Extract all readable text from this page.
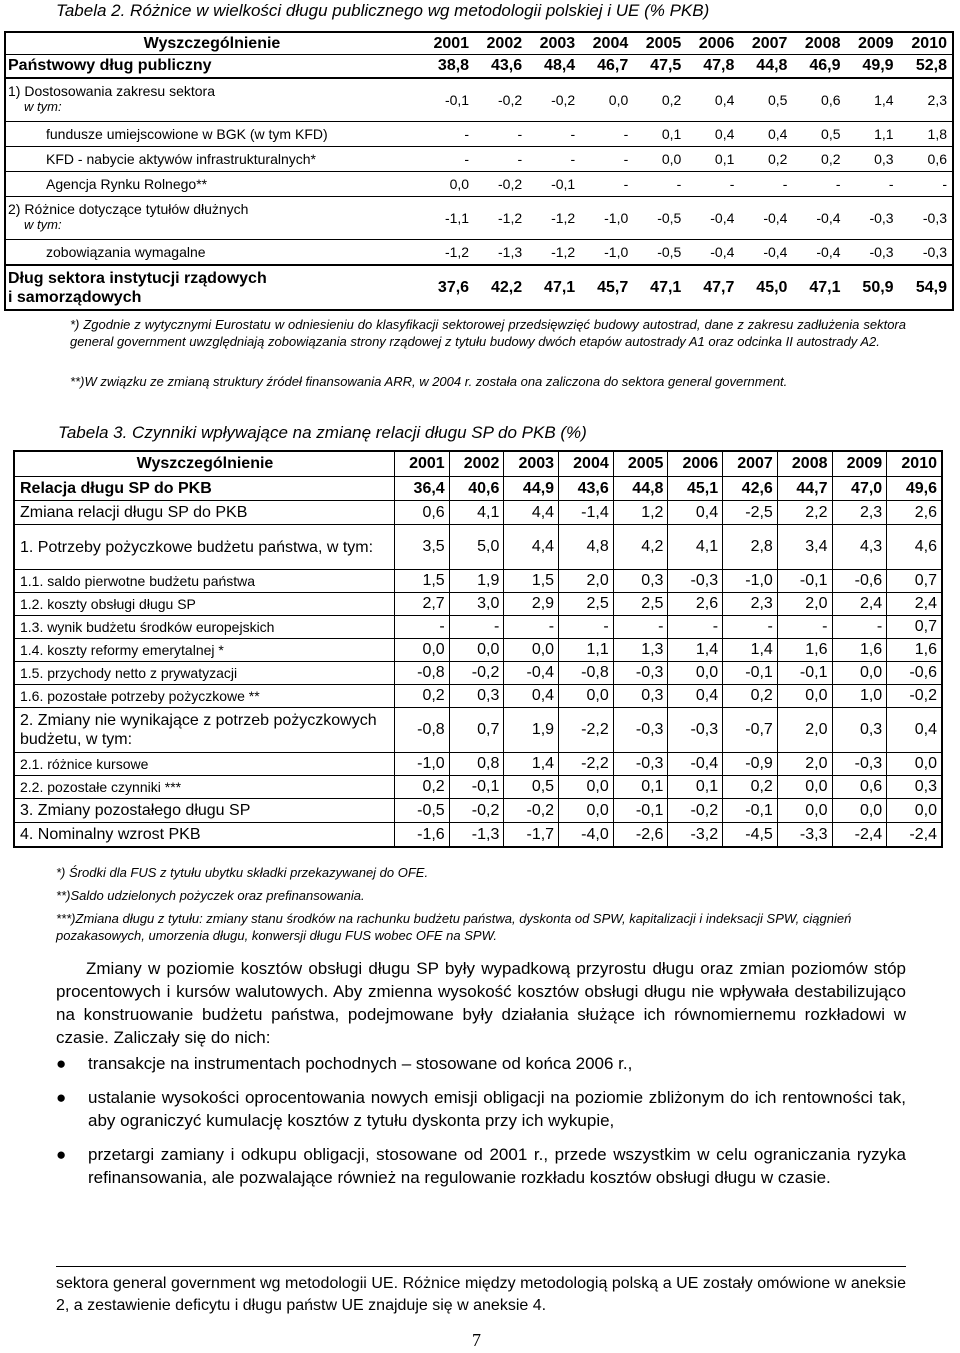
Tabela 2. Różnice w wielkości długu publicznego wg metodologii polskiej i UE (% PKB)
Wyszczególnienie	2001	2002	2003	2004	2005	2006	2007	2008	2009	2010

Państwowy dług publiczny	38,8	43,6	48,4	46,7	47,5	47,8	44,8	46,9	49,9	52,8

1) Dostosowania zakresu sektora
w tym:	-0,1	-0,2	-0,2	0,0	0,2	0,4	0,5	0,6	1,4	2,3

fundusze umiejscowione w BGK (w tym KFD)	-	-	-	-	0,1	0,4	0,4	0,5	1,1	1,8

KFD - nabycie aktywów infrastrukturalnych*	-	-	-	-	0,0	0,1	0,2	0,2	0,3	0,6

Agencja Rynku Rolnego**	0,0	-0,2	-0,1	-	-	-	-	-	-	-

2) Różnice dotyczące tytułów dłużnych
w tym:	-1,1	-1,2	-1,2	-1,0	-0,5	-0,4	-0,4	-0,4	-0,3	-0,3

zobowiązania wymagalne	-1,2	-1,3	-1,2	-1,0	-0,5	-0,4	-0,4	-0,4	-0,3	-0,3

Dług sektora instytucji rządowych
i samorządowych	37,6	42,2	47,1	45,7	47,1	47,7	45,0	47,1	50,9	54,9
*) Zgodnie z wytycznymi Eurostatu w odniesieniu do klasyfikacji sektorowej przedsięwzięć budowy autostrad, dane z zakresu zadłużenia sektora general government uwzględniają zobowiązania strony rządowej z tytułu budowy dwóch etapów autostrady A1 oraz odcinka II autostrady A2.
**)W związku ze zmianą struktury źródeł finansowania ARR, w 2004 r. została ona zaliczona do sektora general government.
Tabela 3. Czynniki wpływające na zmianę relacji długu SP do PKB (%)
Wyszczególnienie	2001	2002	2003	2004	2005	2006	2007	2008	2009	2010
Relacja długu SP do PKB	36,4	40,6	44,9	43,6	44,8	45,1	42,6	44,7	47,0	49,6
Zmiana relacji długu SP do PKB	0,6	4,1	4,4	-1,4	1,2	0,4	-2,5	2,2	2,3	2,6
1. Potrzeby pożyczkowe budżetu państwa, w tym:	3,5	5,0	4,4	4,8	4,2	4,1	2,8	3,4	4,3	4,6
1.1. saldo pierwotne budżetu państwa	1,5	1,9	1,5	2,0	0,3	-0,3	-1,0	-0,1	-0,6	0,7
1.2. koszty obsługi długu SP	2,7	3,0	2,9	2,5	2,5	2,6	2,3	2,0	2,4	2,4
1.3. wynik budżetu środków europejskich	-	-	-	-	-	-	-	-	-	0,7
1.4. koszty reformy emerytalnej *	0,0	0,0	0,0	1,1	1,3	1,4	1,4	1,6	1,6	1,6
1.5. przychody netto z prywatyzacji	-0,8	-0,2	-0,4	-0,8	-0,3	0,0	-0,1	-0,1	0,0	-0,6
1.6. pozostałe potrzeby pożyczkowe **	0,2	0,3	0,4	0,0	0,3	0,4	0,2	0,0	1,0	-0,2
2. Zmiany nie wynikające z potrzeb pożyczkowych budżetu, w tym:	-0,8	0,7	1,9	-2,2	-0,3	-0,3	-0,7	2,0	0,3	0,4
2.1. różnice kursowe	-1,0	0,8	1,4	-2,2	-0,3	-0,4	-0,9	2,0	-0,3	0,0
2.2. pozostałe czynniki ***	0,2	-0,1	0,5	0,0	0,1	0,1	0,2	0,0	0,6	0,3
3. Zmiany pozostałego długu SP	-0,5	-0,2	-0,2	0,0	-0,1	-0,2	-0,1	0,0	0,0	0,0
4. Nominalny wzrost PKB	-1,6	-1,3	-1,7	-4,0	-2,6	-3,2	-4,5	-3,3	-2,4	-2,4
*) Środki dla FUS z tytułu ubytku składki przekazywanej do OFE.
**)Saldo udzielonych pożyczek oraz prefinansowania.
***)Zmiana długu z tytułu: zmiany stanu środków na rachunku budżetu państwa, dyskonta od SPW, kapitalizacji i indeksacji SPW, ciągnień pozakasowych, umorzenia długu, konwersji długu FUS wobec OFE na SPW.
Zmiany w poziomie kosztów obsługi długu SP były wypadkową przyrostu długu oraz zmian poziomów stóp procentowych i kursów walutowych. Aby zmienna wysokość kosztów obsługi długu nie wpływała destabilizująco na konstruowanie budżetu państwa, podejmowane były działania służące ich równomiernemu rozkładowi w czasie. Zaliczały się do nich:
● transakcje na instrumentach pochodnych – stosowane od końca 2006 r.,
● ustalanie wysokości oprocentowania nowych emisji obligacji na poziomie zbliżonym do ich rentowności tak, aby ograniczyć kumulację kosztów z tytułu dyskonta przy ich wykupie,
● przetargi zamiany i odkupu obligacji, stosowane od 2001 r., przede wszystkim w celu ograniczania ryzyka refinansowania, ale pozwalające również na regulowanie rozkładu kosztów obsługi długu w czasie.
sektora general government wg metodologii UE. Różnice między metodologią polską a UE zostały omówione w aneksie 2, a zestawienie deficytu i długu państw UE znajduje się w aneksie 4.
7
